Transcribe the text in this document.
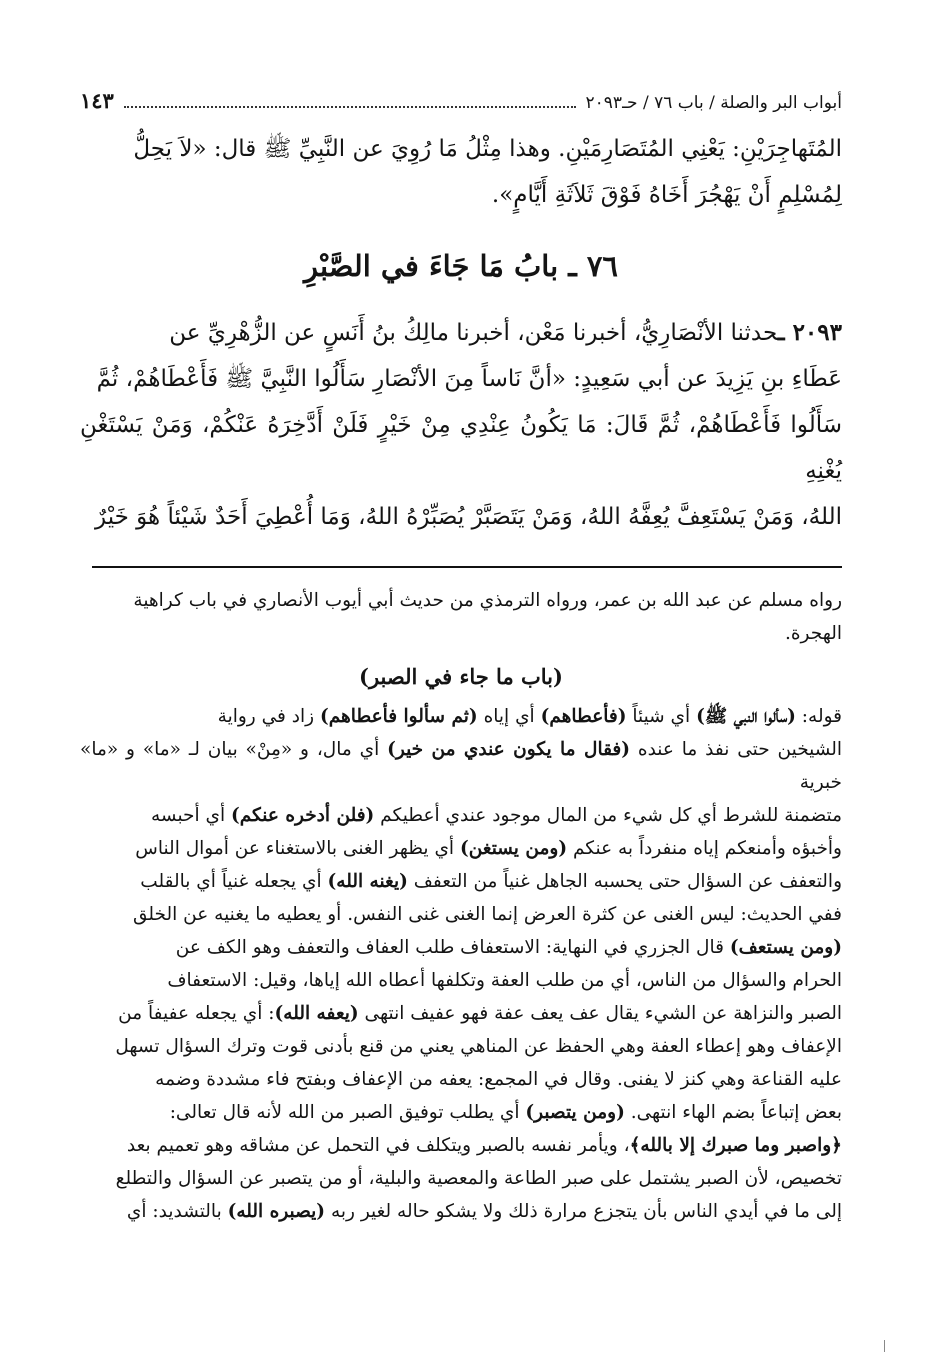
أبواب البر والصلة / باب ٧٦ / حـ٢٠٩٣
١٤٣

المُتَهاجِرَيْنِ: يَعْنِي المُتَصَارِمَيْنِ. وهذا مِثْلُ مَا رُوِيَ عن النَّبِيِّ ﷺ قال: «لاَ يَحِلُّ

لِمُسْلِمٍ أَنْ يَهْجُرَ أَخَاهُ فَوْقَ ثَلاَثَةِ أَيَّامٍ».

٧٦ ـ بابُ مَا جَاءَ في الصَّبْرِ

٢٠٩٣ ـحدثنا الأنْصَارِيُّ، أخبرنا مَعْن، أخبرنا مالِكُ بنُ أَنَسٍ عن الزُّهْرِيِّ عن

عَطَاءِ بنِ يَزِيدَ عن أبي سَعِيدٍ: «أنَّ نَاساً مِنَ الأنْصَارِ سَأَلُوا النَّبِيَّ ﷺ فَأَعْطَاهُمْ، ثُمَّ

سَأَلُوا فَأَعْطَاهُمْ، ثُمَّ قَالَ: مَا يَكُونُ عِنْدِي مِنْ خَيْرٍ فَلَنْ أَدَّخِرَهُ عَنْكُمْ، وَمَنْ يَسْتَغْنِ يُغْنِهِ

اللهُ، وَمَنْ يَسْتَعِفَّ يُعِفَّهُ اللهُ، وَمَنْ يَتَصَبَّرْ يُصَبِّرْهُ اللهُ، وَمَا أُعْطِيَ أَحَدٌ شَيْئاً هُوَ خَيْرٌ

رواه مسلم عن عبد الله بن عمر، ورواه الترمذي من حديث أبي أيوب الأنصاري في باب كراهية

الهجرة.

(باب ما جاء في الصبر)

قوله: (سألوا النبي ﷺ) أي شيئاً (فأعطاهم) أي إياه (ثم سألوا فأعطاهم) زاد في رواية

الشيخين حتى نفذ ما عنده (فقال ما يكون عندي من خير) أي مال، و «مِنْ» بيان لـ «ما» و «ما» خبرية

متضمنة للشرط أي كل شيء من المال موجود عندي أعطيكم (فلن أدخره عنكم) أي أحبسه

وأخبؤه وأمنعكم إياه منفرداً به عنكم (ومن يستغن) أي يظهر الغنى بالاستغناء عن أموال الناس

والتعفف عن السؤال حتى يحسبه الجاهل غنياً من التعفف (يغنه الله) أي يجعله غنياً أي بالقلب

ففي الحديث: ليس الغنى عن كثرة العرض إنما الغنى غنى النفس. أو يعطيه ما يغنيه عن الخلق

(ومن يستعف) قال الجزري في النهاية: الاستعفاف طلب العفاف والتعفف وهو الكف عن

الحرام والسؤال من الناس، أي من طلب العفة وتكلفها أعطاه الله إياها، وقيل: الاستعفاف

الصبر والنزاهة عن الشيء يقال عف يعف عفة فهو عفيف انتهى (يعفه الله): أي يجعله عفيفاً من

الإعفاف وهو إعطاء العفة وهي الحفظ عن المناهي يعني من قنع بأدنى قوت وترك السؤال تسهل

عليه القناعة وهي كنز لا يفنى. وقال في المجمع: يعفه من الإعفاف وبفتح فاء مشددة وضمه

بعض إتباعاً بضم الهاء انتهى. (ومن يتصبر) أي يطلب توفيق الصبر من الله لأنه قال تعالى:

﴿واصبر وما صبرك إلا بالله﴾، ويأمر نفسه بالصبر ويتكلف في التحمل عن مشاقه وهو تعميم بعد

تخصيص، لأن الصبر يشتمل على صبر الطاعة والمعصية والبلية، أو من يتصبر عن السؤال والتطلع

إلى ما في أيدي الناس بأن يتجزع مرارة ذلك ولا يشكو حاله لغير ربه (يصبره الله) بالتشديد: أي
